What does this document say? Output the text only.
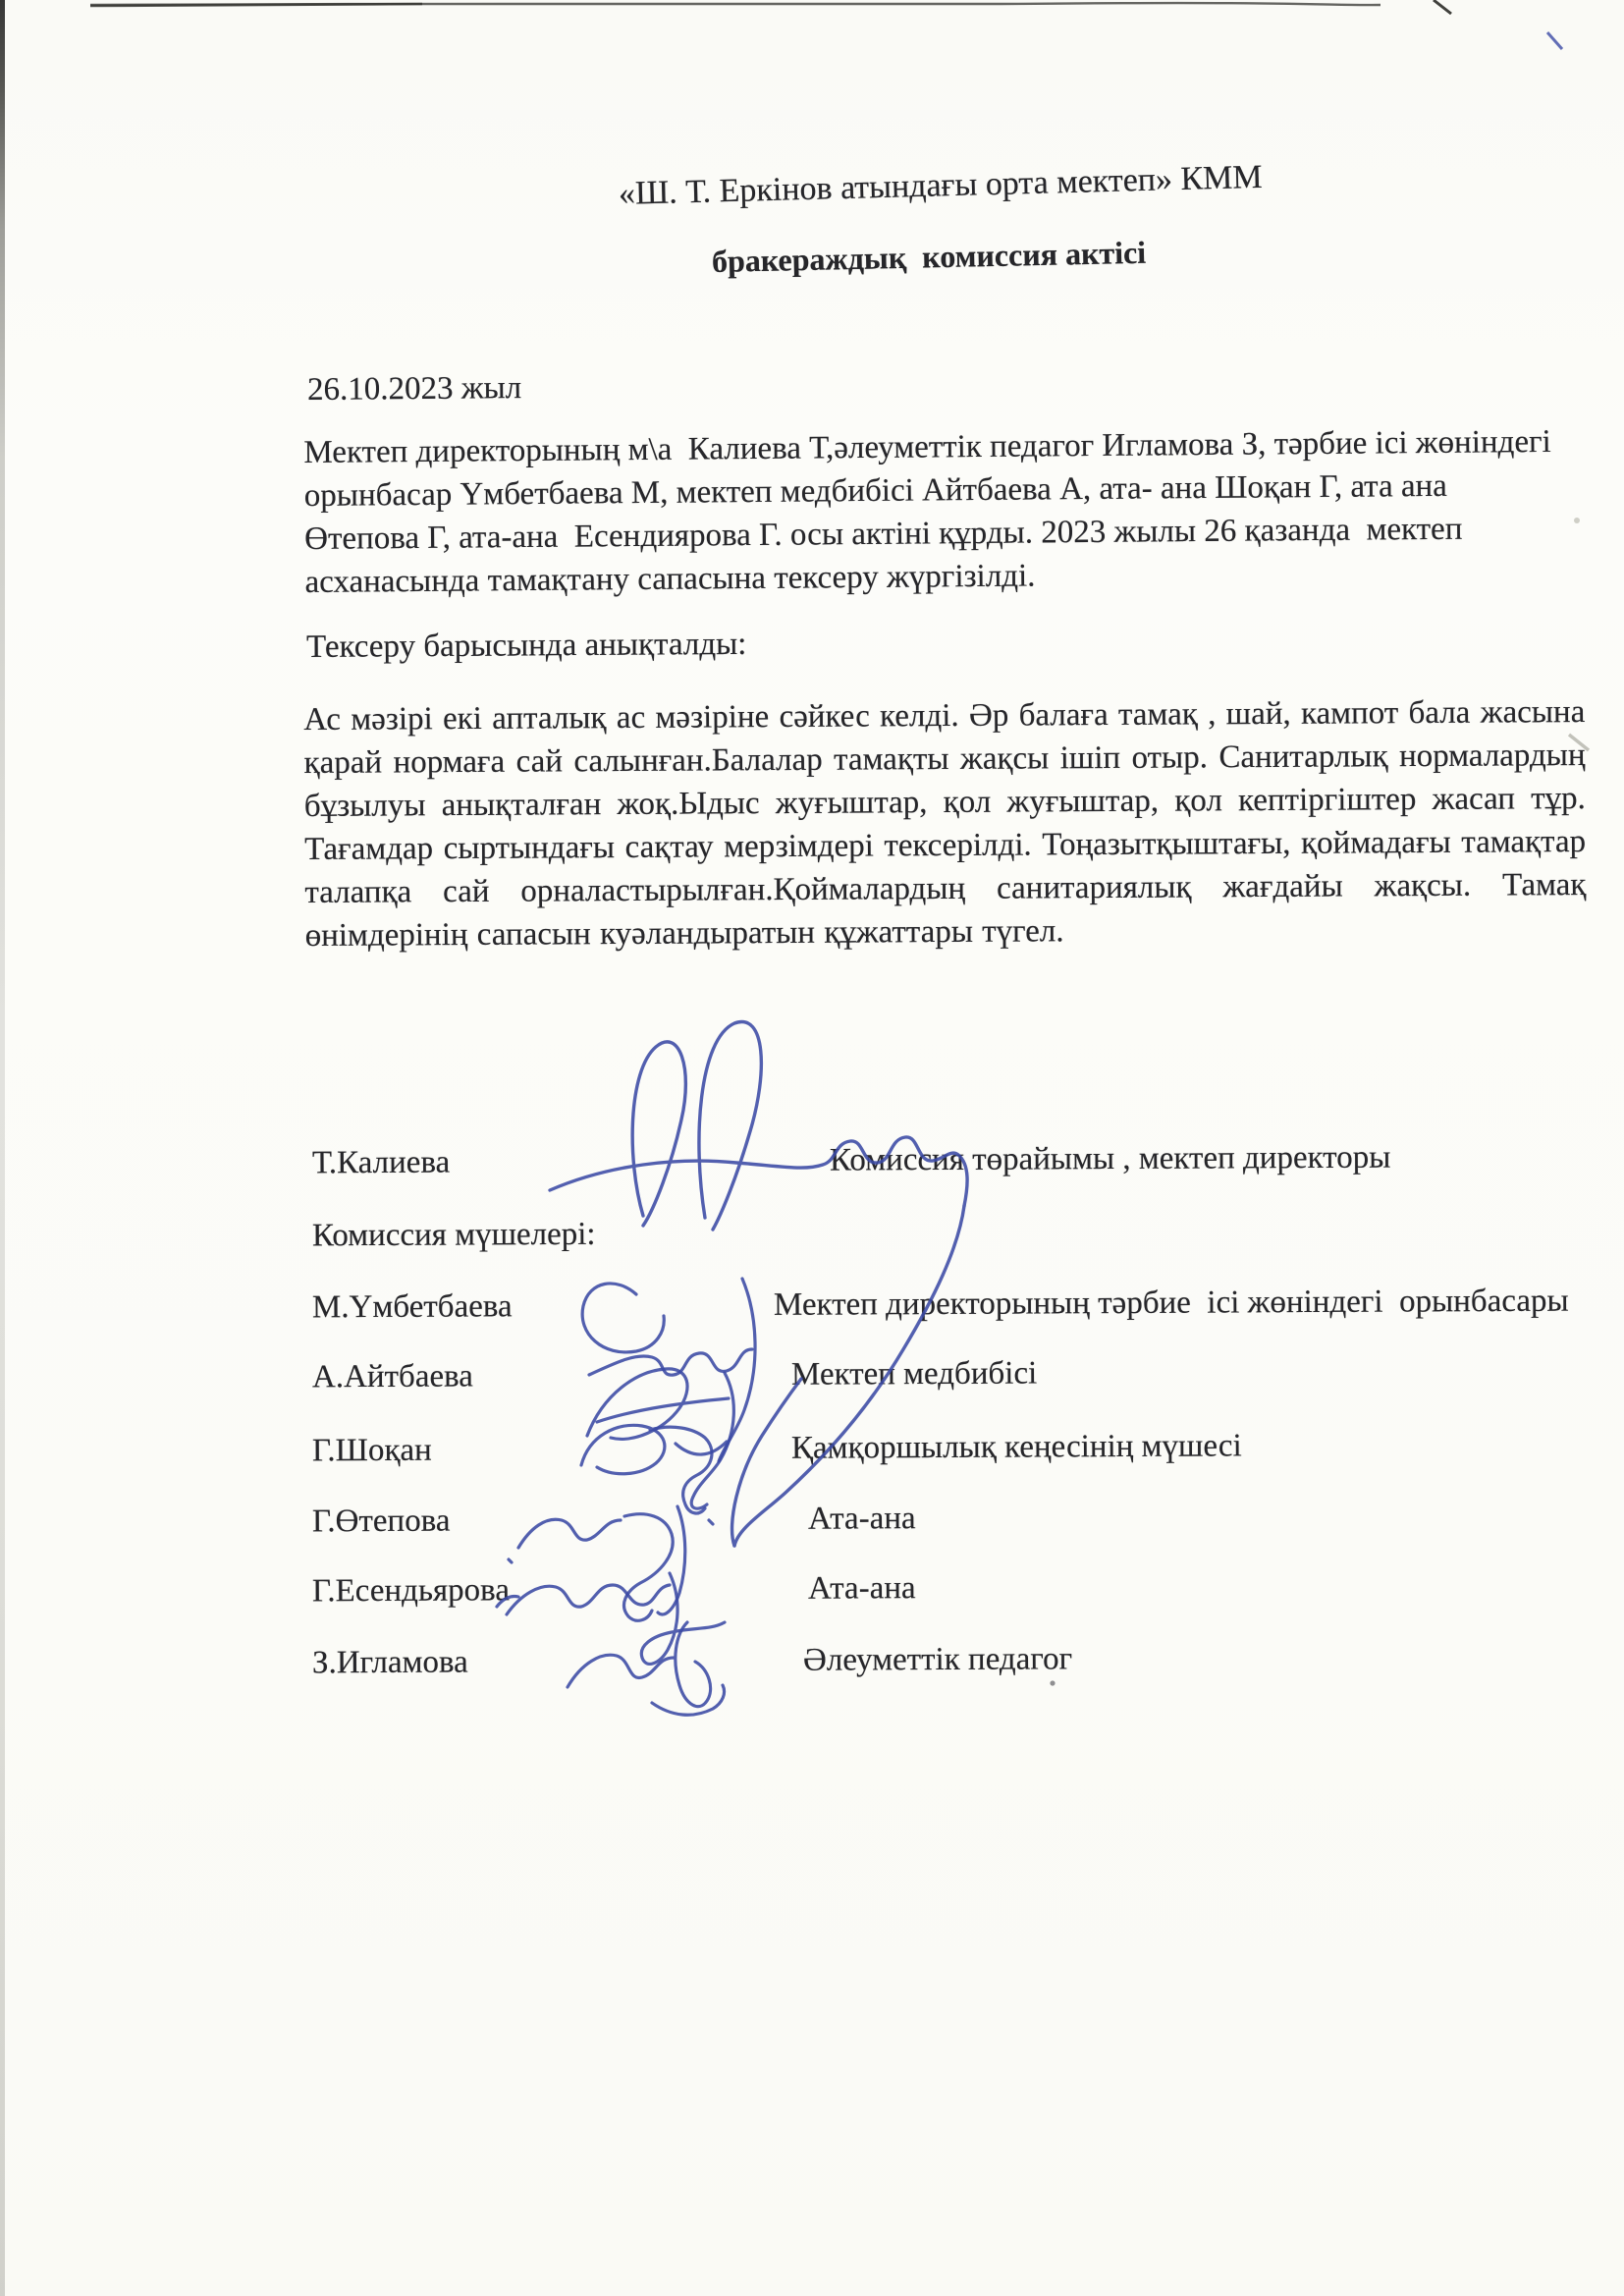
«Ш. Т. Еркінов атындағы орта мектеп» КММ
бракераждық  комиссия актісі
26.10.2023 жыл
Мектеп директорының м\а  Калиева Т,әлеуметтік педагог Игламова З, тәрбие ісі жөніндегі
орынбасар Үмбетбаева М, мектеп медбибісі Айтбаева А, ата- ана Шоқан Г, ата ана
Өтепова Г, ата-ана  Есендиярова Г. осы актіні құрды. 2023 жылы 26 қазанда  мектеп
асханасында тамақтану сапасына тексеру жүргізілді.
Тексеру барысында анықталды:
Ас мәзірі екі апталық ас мәзіріне сәйкес келді. Әр балаға тамақ , шай, кампот бала жасына
қарай нормаға сай салынған.Балалар тамақты жақсы ішіп отыр. Санитарлық нормалардың
бұзылуы анықталған жоқ.Ыдыс жуғыштар, қол жуғыштар, қол кептіргіштер жасап тұр.
Тағамдар сыртындағы сақтау мерзімдері тексерілді. Тоңазытқыштағы, қоймадағы тамақтар
талапқа сай орналастырылған.Қоймалардың санитариялық жағдайы жақсы. Тамақ
өнімдерінің сапасын куәландыратын құжаттары түгел.
Т.Калиева	Комиссия төрайымы , мектеп директоры
Комиссия мүшелері:
М.Үмбетбаева	Мектеп директорының тәрбие  ісі жөніндегі  орынбасары
А.Айтбаева	Мектеп медбибісі
Г.Шоқан	Қамқоршылық кеңесінің мүшесі
Г.Өтепова	Ата-ана
Г.Есендьярова	Ата-ана
З.Игламова	Әлеуметтік педагог
